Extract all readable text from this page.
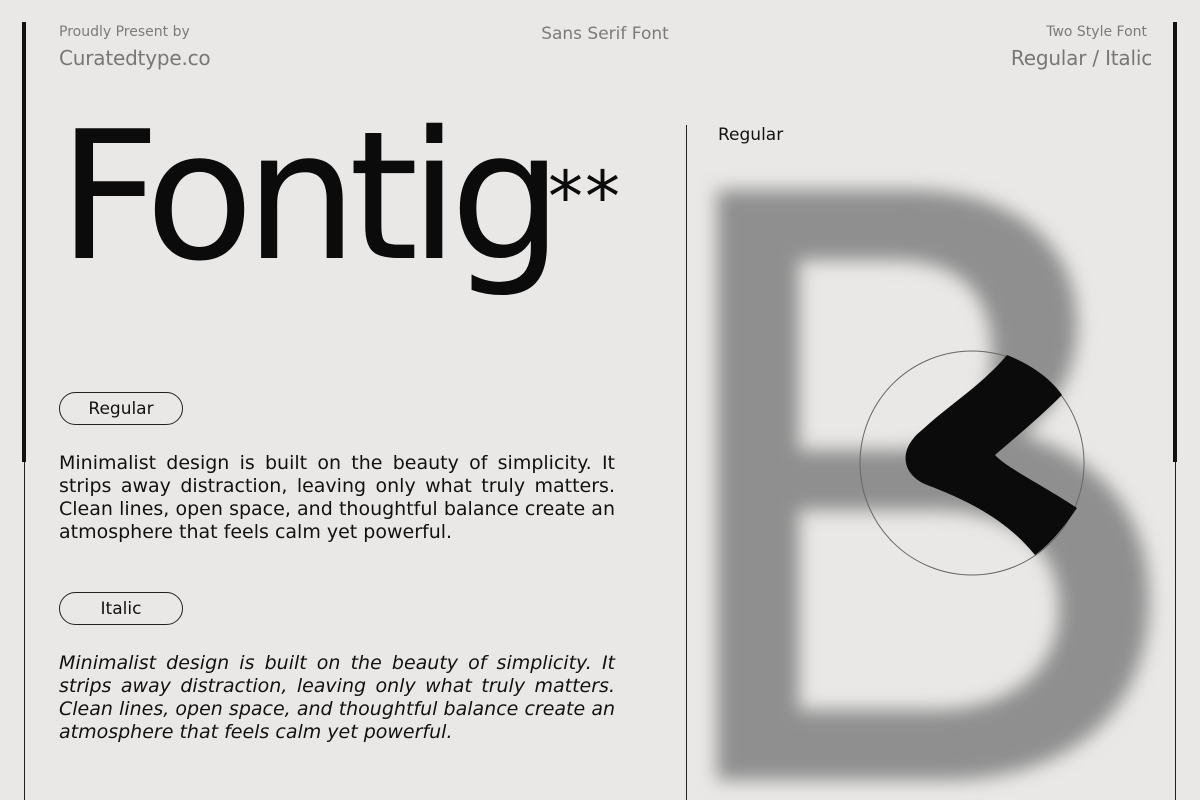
Proudly Present by
Curatedtype.co
Sans Serif Font	Two Style Font
Regular / Italic
Fontig
**
Regular

Minimalist design is built on the beauty of simplicity. It strips away distraction, leaving only what truly matters. Clean lines, open space, and thoughtful balance create an atmosphere that feels calm yet powerful.

Italic

Minimalist design is built on the beauty of simplicity. It strips away distraction, leaving only what truly matters. Clean lines, open space, and thoughtful balance create an atmosphere that feels calm yet powerful.

Regular
